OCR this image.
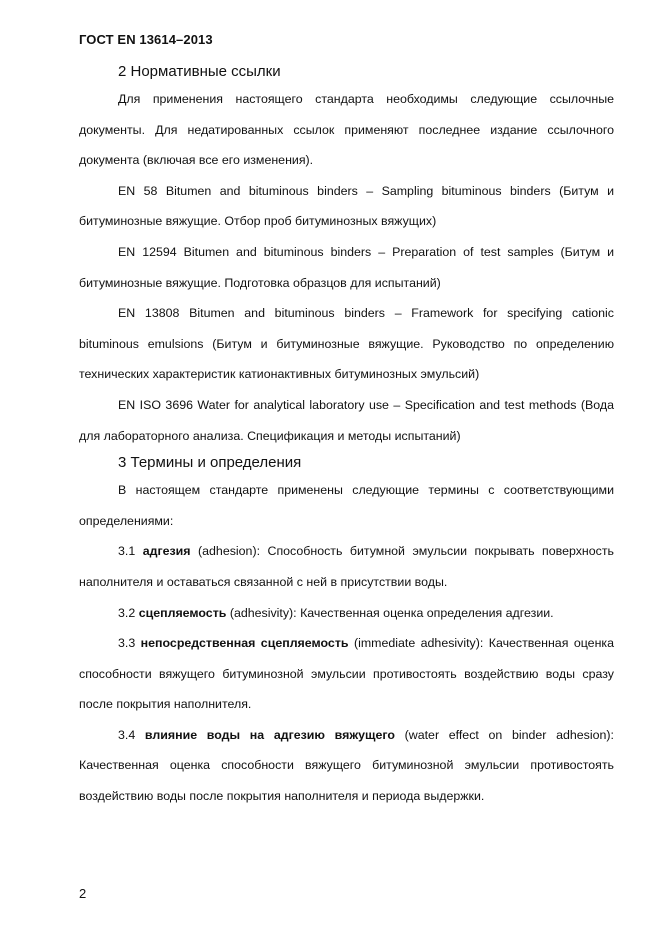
ГОСТ EN 13614–2013
2 Нормативные ссылки

Для применения настоящего стандарта необходимы следующие ссылочные документы. Для недатированных ссылок применяют последнее издание ссылочного документа (включая все его изменения).

EN 58 Bitumen and bituminous binders – Sampling bituminous binders (Битум и битуминозные вяжущие. Отбор проб битуминозных вяжущих)

EN 12594 Bitumen and bituminous binders – Preparation of test samples (Битум и битуминозные вяжущие. Подготовка образцов для испытаний)

EN 13808 Bitumen and bituminous binders – Framework for specifying cationic bituminous emulsions (Битум и битуминозные вяжущие. Руководство по определению технических характеристик катионактивных битуминозных эмульсий)

EN ISO 3696 Water for analytical laboratory use – Specification and test methods (Вода для лабораторного анализа. Спецификация и методы испытаний)

3 Термины и определения

В настоящем стандарте применены следующие термины с соответствующими определениями:

3.1 адгезия (adhesion): Способность битумной эмульсии покрывать поверхность наполнителя и оставаться связанной с ней в присутствии воды.

3.2 сцепляемость (adhesivity): Качественная оценка определения адгезии.

3.3 непосредственная сцепляемость (immediate adhesivity): Качественная оценка способности вяжущего битуминозной эмульсии противостоять воздействию воды сразу после покрытия наполнителя.

3.4 влияние воды на адгезию вяжущего (water effect on binder adhesion): Качественная оценка способности вяжущего битуминозной эмульсии противостоять воздействию воды после покрытия наполнителя и периода выдержки.

2
